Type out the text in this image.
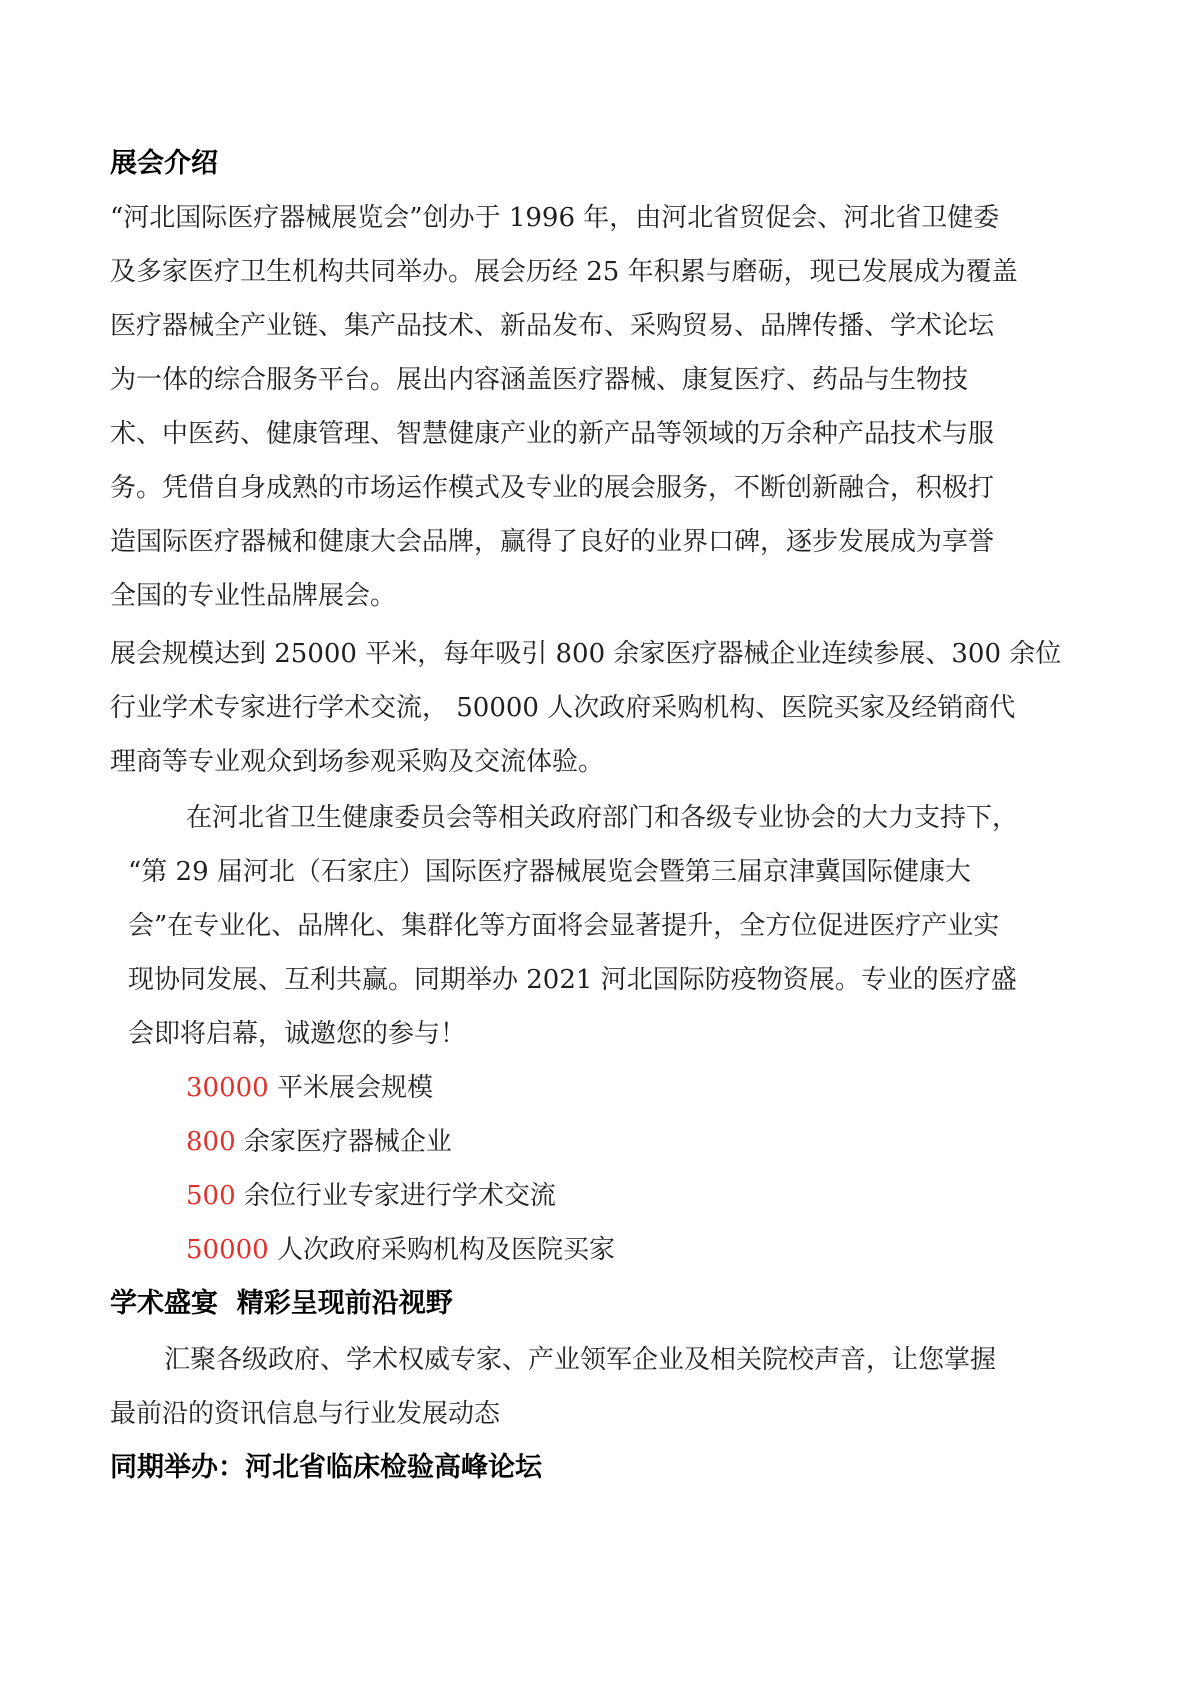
展会介绍
“河北国际医疗器械展览会”创办于 1996 年，由河北省贸促会、河北省卫健委
及多家医疗卫生机构共同举办。展会历经 25 年积累与磨砺，现已发展成为覆盖
医疗器械全产业链、集产品技术、新品发布、采购贸易、品牌传播、学术论坛
为一体的综合服务平台。展出内容涵盖医疗器械、康复医疗、药品与生物技
术、中医药、健康管理、智慧健康产业的新产品等领域的万余种产品技术与服
务。凭借自身成熟的市场运作模式及专业的展会服务，不断创新融合，积极打
造国际医疗器械和健康大会品牌，赢得了良好的业界口碑，逐步发展成为享誉
全国的专业性品牌展会。
展会规模达到 25000 平米，每年吸引 800 余家医疗器械企业连续参展、300 余位
行业学术专家进行学术交流， 50000 人次政府采购机构、医院买家及经销商代
理商等专业观众到场参观采购及交流体验。
在河北省卫生健康委员会等相关政府部门和各级专业协会的大力支持下，
“第 29 届河北（石家庄）国际医疗器械展览会暨第三届京津冀国际健康大
会”在专业化、品牌化、集群化等方面将会显著提升，全方位促进医疗产业实
现协同发展、互利共赢。同期举办 2021 河北国际防疫物资展。专业的医疗盛
会即将启幕，诚邀您的参与！
30000 平米展会规模
800 余家医疗器械企业
500 余位行业专家进行学术交流
50000 人次政府采购机构及医院买家
学术盛宴  精彩呈现前沿视野
汇聚各级政府、学术权威专家、产业领军企业及相关院校声音，让您掌握
最前沿的资讯信息与行业发展动态
同期举办：河北省临床检验高峰论坛
